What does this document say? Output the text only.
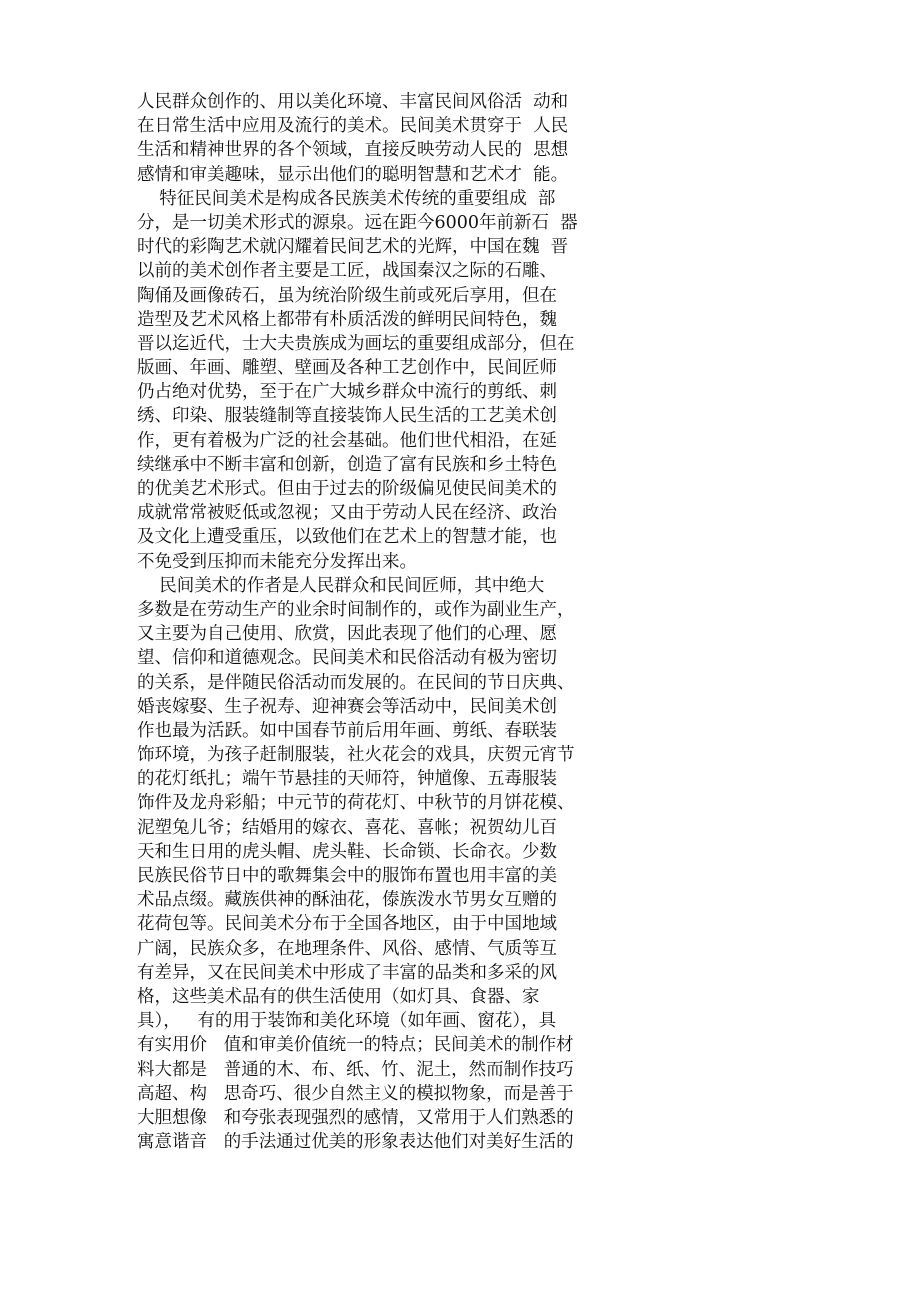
人民群众创作的、用以美化环境、丰富民间风俗活  动和
在日常生活中应用及流行的美术。民间美术贯穿于  人民
生活和精神世界的各个领域，直接反映劳动人民的  思想
感情和审美趣味，显示出他们的聪明智慧和艺术才  能。
特征民间美术是构成各民族美术传统的重要组成  部
分，是一切美术形式的源泉。远在距今6000年前新石  器
时代的彩陶艺术就闪耀着民间艺术的光辉，中国在魏  晋
以前的美术创作者主要是工匠，战国秦汉之际的石雕、
陶俑及画像砖石，虽为统治阶级生前或死后享用，但在
造型及艺术风格上都带有朴质活泼的鲜明民间特色，魏
晋以迄近代，士大夫贵族成为画坛的重要组成部分，但在
版画、年画、雕塑、壁画及各种工艺创作中，民间匠师
仍占绝对优势，至于在广大城乡群众中流行的剪纸、刺
绣、印染、服装缝制等直接装饰人民生活的工艺美术创
作，更有着极为广泛的社会基础。他们世代相沿，在延
续继承中不断丰富和创新，创造了富有民族和乡土特色
的优美艺术形式。但由于过去的阶级偏见使民间美术的
成就常常被贬低或忽视；又由于劳动人民在经济、政治
及文化上遭受重压，以致他们在艺术上的智慧才能，也
不免受到压抑而未能充分发挥出来。
民间美术的作者是人民群众和民间匠师，其中绝大
多数是在劳动生产的业余时间制作的，或作为副业生产，
又主要为自己使用、欣赏，因此表现了他们的心理、愿
望、信仰和道德观念。民间美术和民俗活动有极为密切
的关系，是伴随民俗活动而发展的。在民间的节日庆典、
婚丧嫁娶、生子祝寿、迎神赛会等活动中，民间美术创
作也最为活跃。如中国春节前后用年画、剪纸、春联装
饰环境，为孩子赶制服装，社火花会的戏具，庆贺元宵节
的花灯纸扎；端午节悬挂的天师符，钟馗像、五毒服装
饰件及龙舟彩船；中元节的荷花灯、中秋节的月饼花模、
泥塑兔儿爷；结婚用的嫁衣、喜花、喜帐；祝贺幼儿百
天和生日用的虎头帽、虎头鞋、长命锁、长命衣。少数
民族民俗节日中的歌舞集会中的服饰布置也用丰富的美
术品点缀。藏族供神的酥油花，傣族泼水节男女互赠的
花荷包等。民间美术分布于全国各地区，由于中国地域
广阔，民族众多，在地理条件、风俗、感情、气质等互
有差异，又在民间美术中形成了丰富的品类和多采的风
格，这些美术品有的供生活使用（如灯具、食器、家
具），   有的用于装饰和美化环境（如年画、窗花），具
有实用价   值和审美价值统一的特点；民间美术的制作材
料大都是   普通的木、布、纸、竹、泥土，然而制作技巧
高超、构   思奇巧、很少自然主义的模拟物象，而是善于
大胆想像   和夸张表现强烈的感情，又常用于人们熟悉的
寓意谐音   的手法通过优美的形象表达他们对美好生活的
